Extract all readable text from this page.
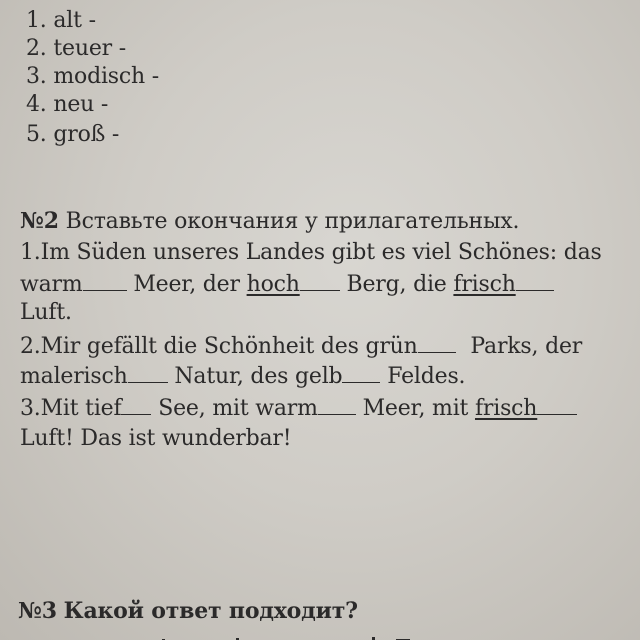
1. alt -
2. teuer -
3. modisch -
4. neu -
5. groß -
№2 Вставьте окончания у прилагательных.
1.Im Süden unseres Landes gibt es viel Schönes: das
warm Meer, der hoch Berg, die frisch
Luft.
2.Mir gefällt die Schönheit des grün Parks, der
malerisch Natur, des gelb Feldes.
3.Mit tief See, mit warm Meer, mit frisch
Luft! Das ist wunderbar!
№3 Какой ответ подходит?
